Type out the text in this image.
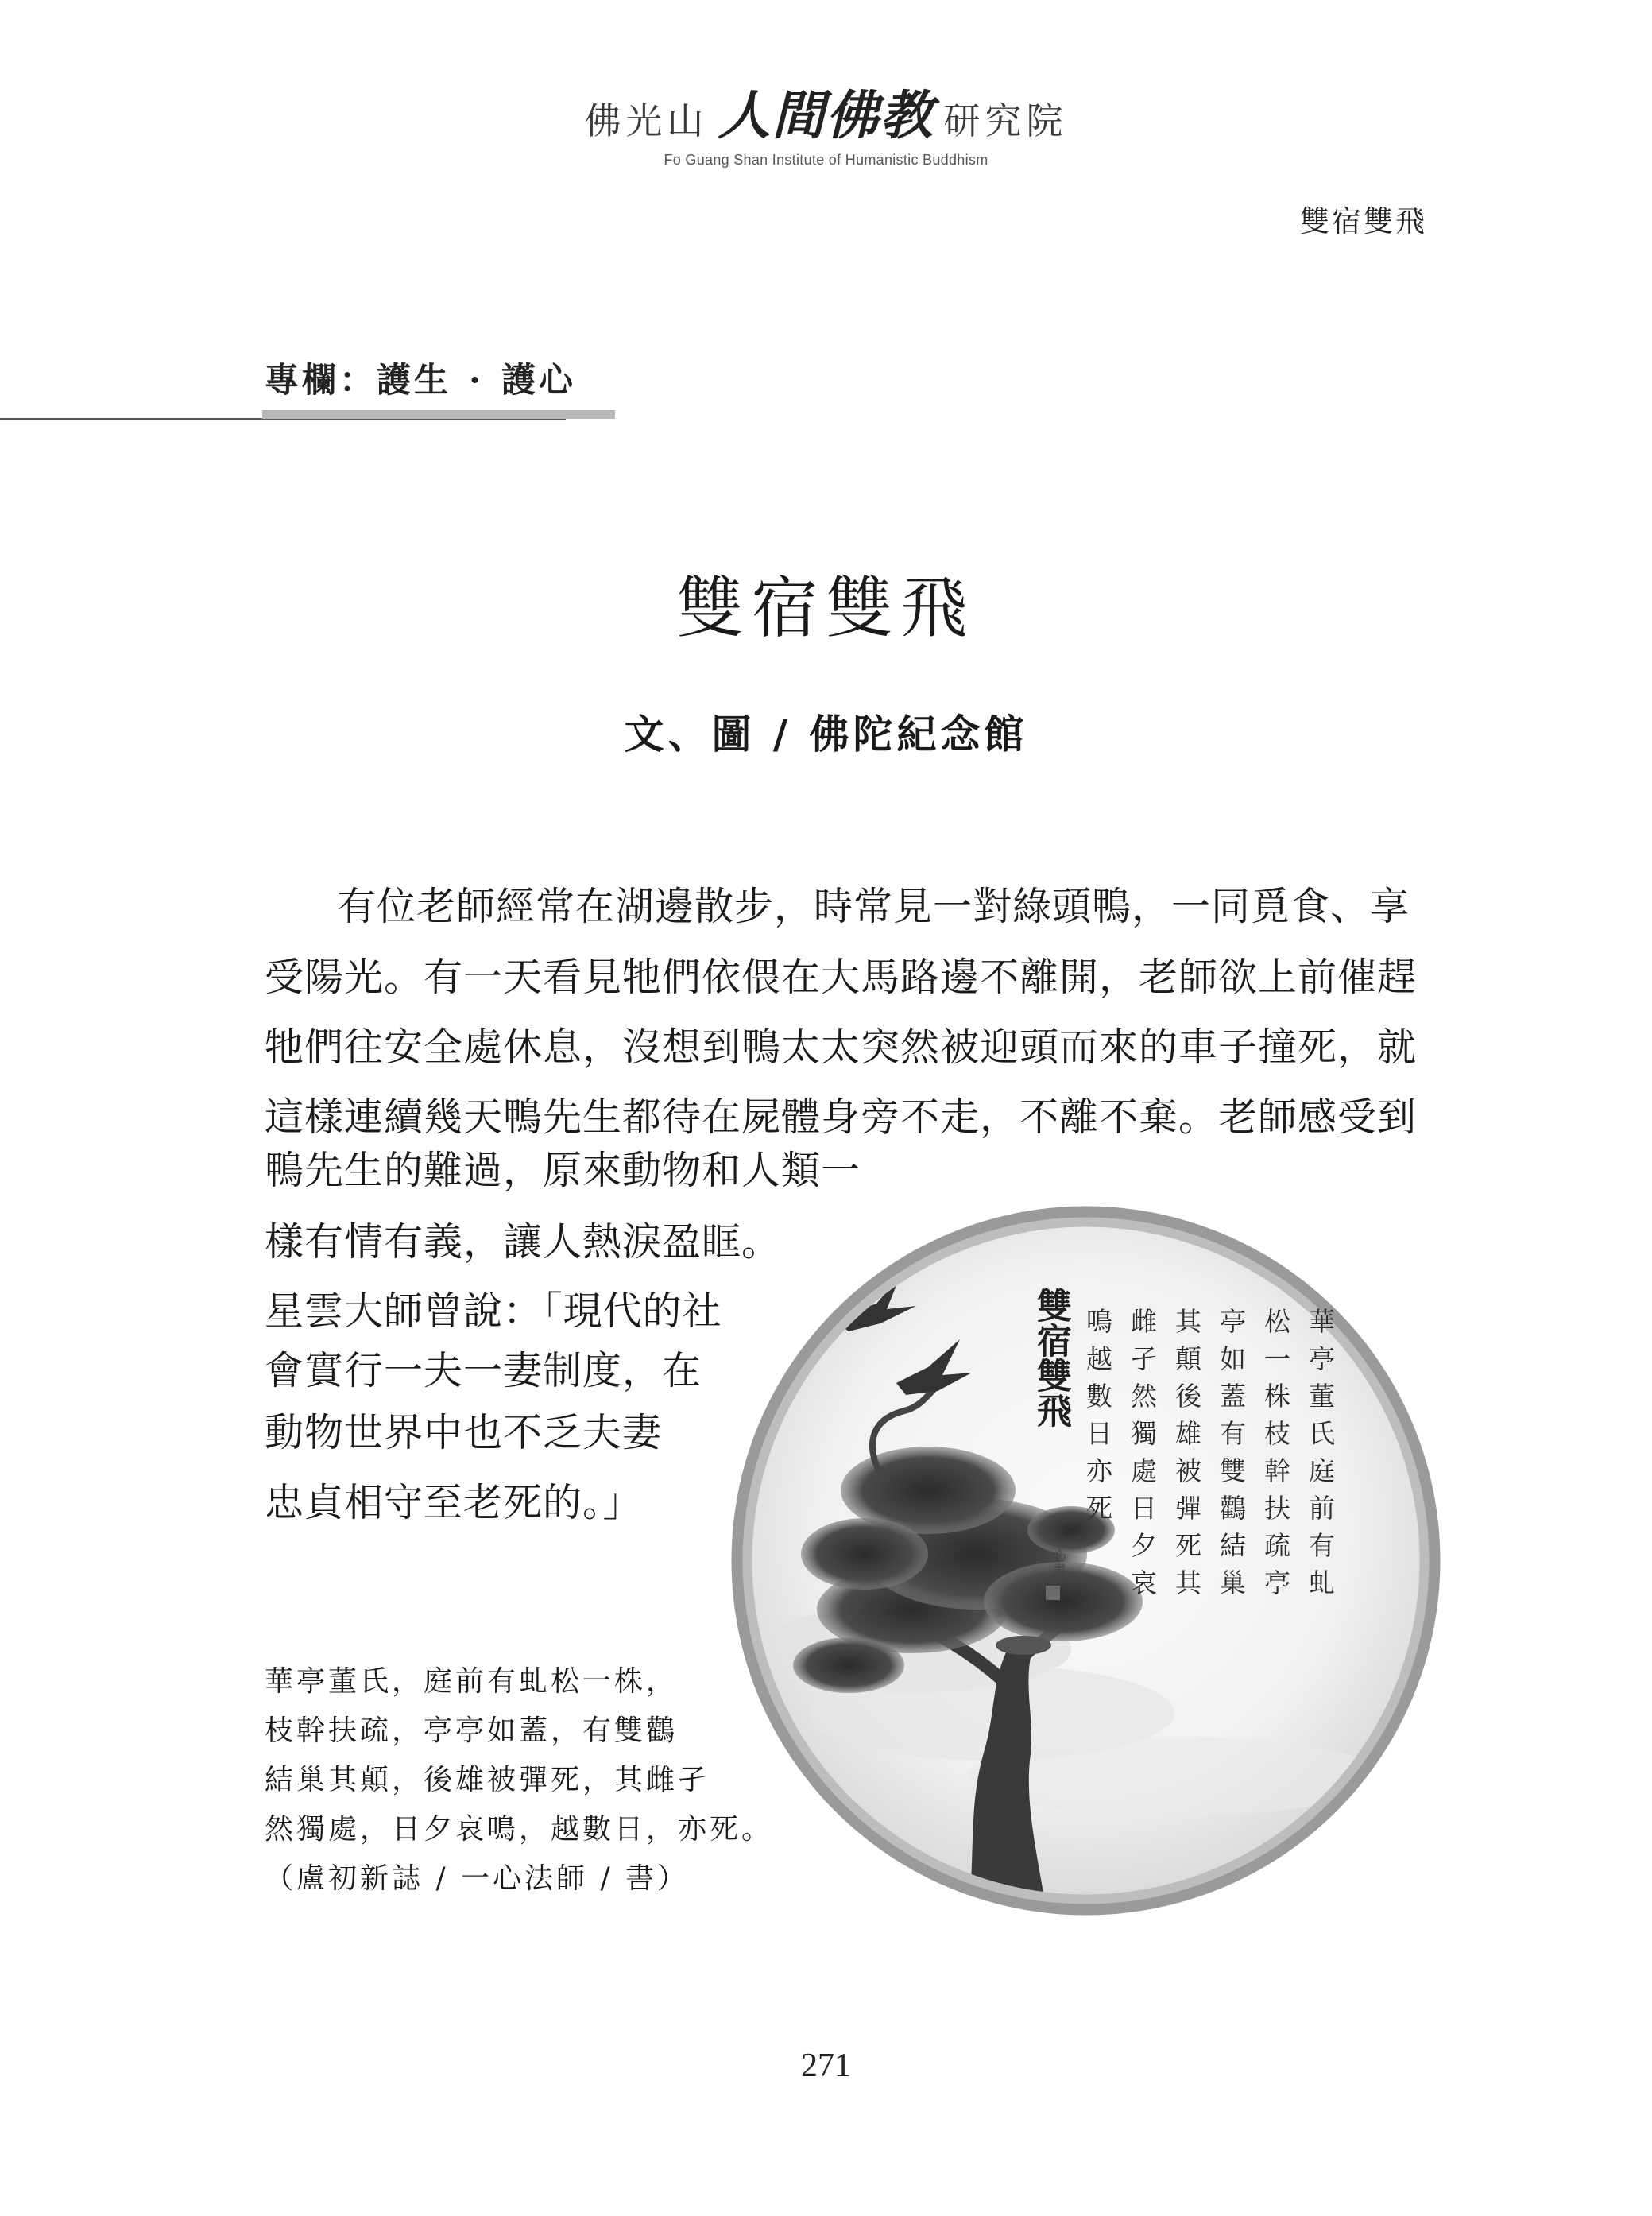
佛光山 人間佛教 研究院
Fo Guang Shan Institute of Humanistic Buddhism
雙宿雙飛
專欄：護生 · 護心
雙宿雙飛
文、圖 / 佛陀紀念館
有位老師經常在湖邊散步，時常見一對綠頭鴨，一同覓食、享
受陽光。有一天看見牠們依偎在大馬路邊不離開，老師欲上前催趕
牠們往安全處休息，沒想到鴨太太突然被迎頭而來的車子撞死，就
這樣連續幾天鴨先生都待在屍體身旁不走，不離不棄。老師感受到
鴨先生的難過，原來動物和人類一
樣有情有義，讓人熱淚盈眶。
星雲大師曾說：「現代的社
會實行一夫一妻制度，在
動物世界中也不乏夫妻
忠貞相守至老死的。」
華亭董氏，庭前有虬松一株，
枝幹扶疏，亭亭如蓋，有雙鸛
結巢其顛，後雄被彈死，其雌孑
然獨處，日夕哀鳴，越數日，亦死。
（盧初新誌 / 一心法師 / 書）
雙宿雙飛	華亭董氏庭前有虬
松一株枝幹扶疏亭
亭如蓋有雙鸛結巢
其顛後雄被彈死其
雌孑然獨處日夕哀
鳴越數日亦死
一心書
271
